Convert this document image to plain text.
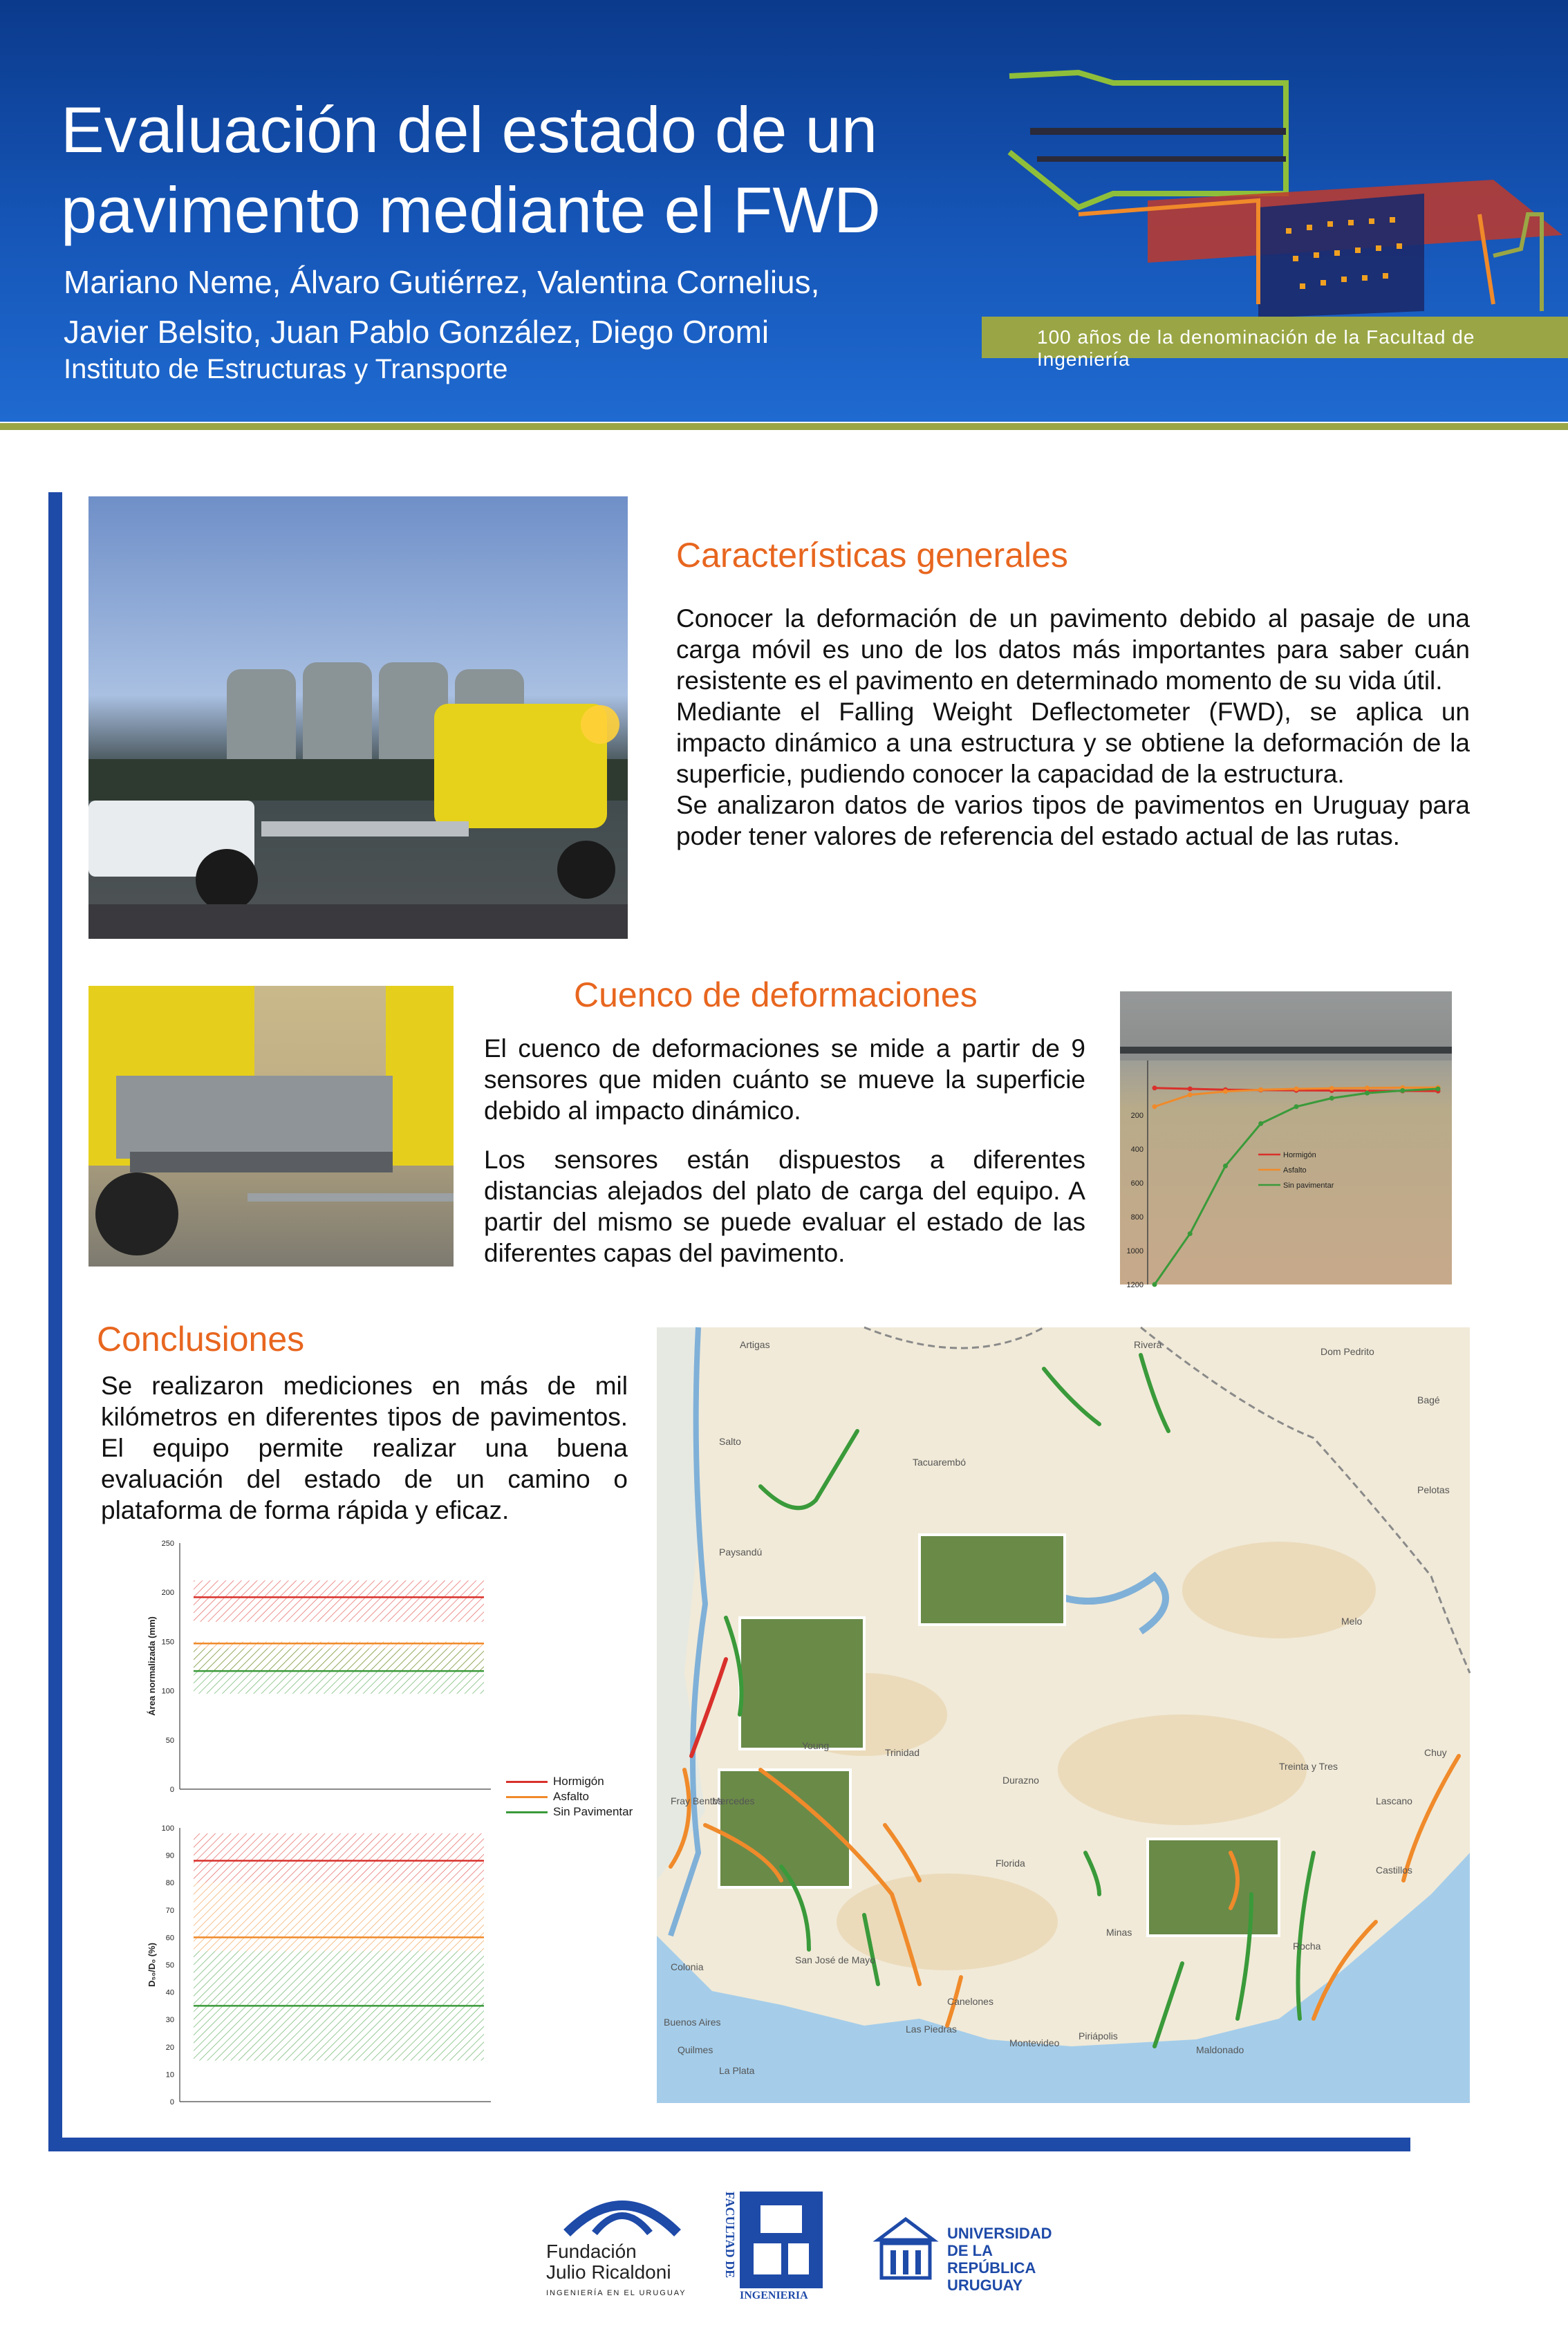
Evaluación del estado de un
pavimento mediante el FWD
Mariano Neme, Álvaro Gutiérrez, Valentina Cornelius,
Javier Belsito, Juan Pablo González, Diego Oromi
Instituto de Estructuras y Transporte
100 años de la denominación de la Facultad de Ingeniería
Características generales
Conocer la deformación de un pavimento debido al pasaje de una carga móvil es uno de los datos más importantes para saber cuán resistente es el pavimento en determinado momento de su vida útil.
Mediante el Falling Weight Deflectometer (FWD), se aplica un impacto dinámico a una estructura y se obtiene la deformación de la superficie, pudiendo conocer la capacidad de la estructura.
Se analizaron datos de varios tipos de pavimentos en Uruguay para poder tener valores de referencia del estado actual de las rutas.
Cuenco de deformaciones
El cuenco de deformaciones se mide a partir de 9 sensores que miden cuánto se mueve la superficie debido al impacto dinámico.
Los sensores están dispuestos a diferentes distancias alejados del plato de carga del equipo. A partir del mismo se puede evaluar el estado de las diferentes capas del pavimento.
200
400
600
800
1000
1200
Hormigón
Asfalto
Sin pavimentar
Conclusiones
Se realizaron mediciones en más de mil kilómetros en diferentes tipos de pavimentos. El equipo permite realizar una buena evaluación del estado de un camino o plataforma de forma rápida y eficaz.
0
50
100
150
200
250
Área normalizada (mm)
0
10
20
30
40
50
60
70
80
90
100
D₅₀/D₀ (%)
Hormigón
Asfalto
Sin Pavimentar
Artigas	Rivera
Salto
Paysandú
Tacuarembó
Melo
Mercedes
Durazno
Florida
Minas
Rocha
Montevideo
Treinta y Tres
Colonia
Buenos Aires
La Plata
Maldonado
Fray Bentos
Young
Trinidad
San José de Mayo
Canelones
Chuy
Lascano
Bagé
Dom Pedrito
Pelotas
Castillos
Piriápolis
Las Piedras
Quilmes
Fundación
Julio Ricaldoni
INGENIERÍA EN EL URUGUAY
FACULTAD DE
INGENIERIA
UNIVERSIDAD
DE LA REPÚBLICA
URUGUAY
